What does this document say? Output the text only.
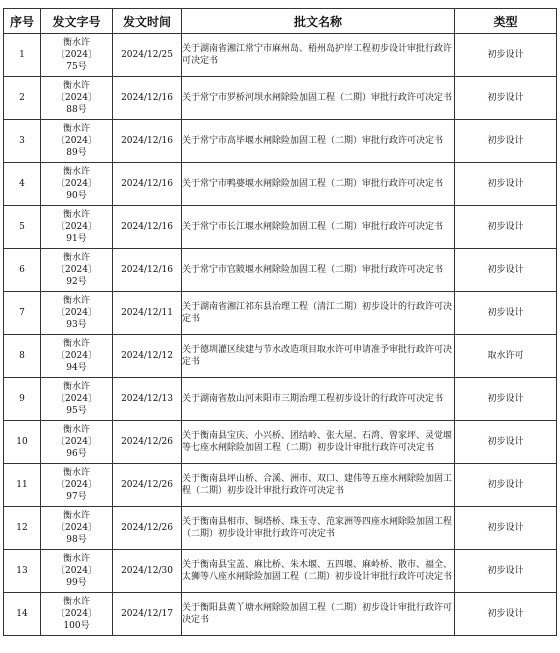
序号	发文字号	发文时间	批文名称	类型
1	衡水许
〔2024〕
75号	2024/12/25	关于湖南省湘江常宁市麻州岛、梧州岛护岸工程初步设计审批行政许可决定书	初步设计
2	衡水许
〔2024〕
88号	2024/12/16	关于常宁市罗桥河坝水闸除险加固工程（二期）审批行政许可决定书	初步设计
3	衡水许
〔2024〕
89号	2024/12/16	关于常宁市高毕堰水闸除险加固工程（二期）审批行政许可决定书	初步设计
4	衡水许
〔2024〕
90号	2024/12/16	关于常宁市鸭婆堰水闸除险加固工程（二期）审批行政许可决定书	初步设计
5	衡水许
〔2024〕
91号	2024/12/16	关于常宁市长江堰水闸除险加固工程（二期）审批行政许可决定书	初步设计
6	衡水许
〔2024〕
92号	2024/12/16	关于常宁市官陂堰水闸除险加固工程（二期）审批行政许可决定书	初步设计
7	衡水许
〔2024〕
93号	2024/12/11	关于湖南省湘江祁东县治理工程（清江二期）初步设计的行政许可决定书	初步设计
8	衡水许
〔2024〕
94号	2024/12/12	关于德圳灌区续建与节水改造项目取水许可申请准予审批行政许可决定书	取水许可
9	衡水许
〔2024〕
95号	2024/12/13	关于湖南省敖山河耒阳市三期治理工程初步设计的行政许可决定书	初步设计
10	衡水许
〔2024〕
96号	2024/12/26	关于衡南县宝庆、小兴桥、团结岭、张大屋、石湾、曾家坪、灵觉堰等七座水闸除险加固工程（二期）初步设计审批行政许可决定书	初步设计
11	衡水许
〔2024〕
97号	2024/12/26	关于衡南县坪山桥、合溪、洲市、双口、建伟等五座水闸除险加固工程（二期）初步设计审批行政许可决定书	初步设计
12	衡水许
〔2024〕
98号	2024/12/26	关于衡南县相市、铜塔桥、珠玉寺、范家洲等四座水闸除险加固工程（二期）初步设计审批行政许可决定书	初步设计
13	衡水许
〔2024〕
99号	2024/12/30	关于衡南县宝盖、麻比桥、朱木堰、五四堰、麻岭桥、散市、福全、太狮等八座水闸除险加固工程（二期）初步设计审批行政许可决定书	初步设计
14	衡水许
〔2024〕
100号	2024/12/17	关于衡阳县黄丫塘水闸除险加固工程（二期）初步设计审批行政许可决定书	初步设计
